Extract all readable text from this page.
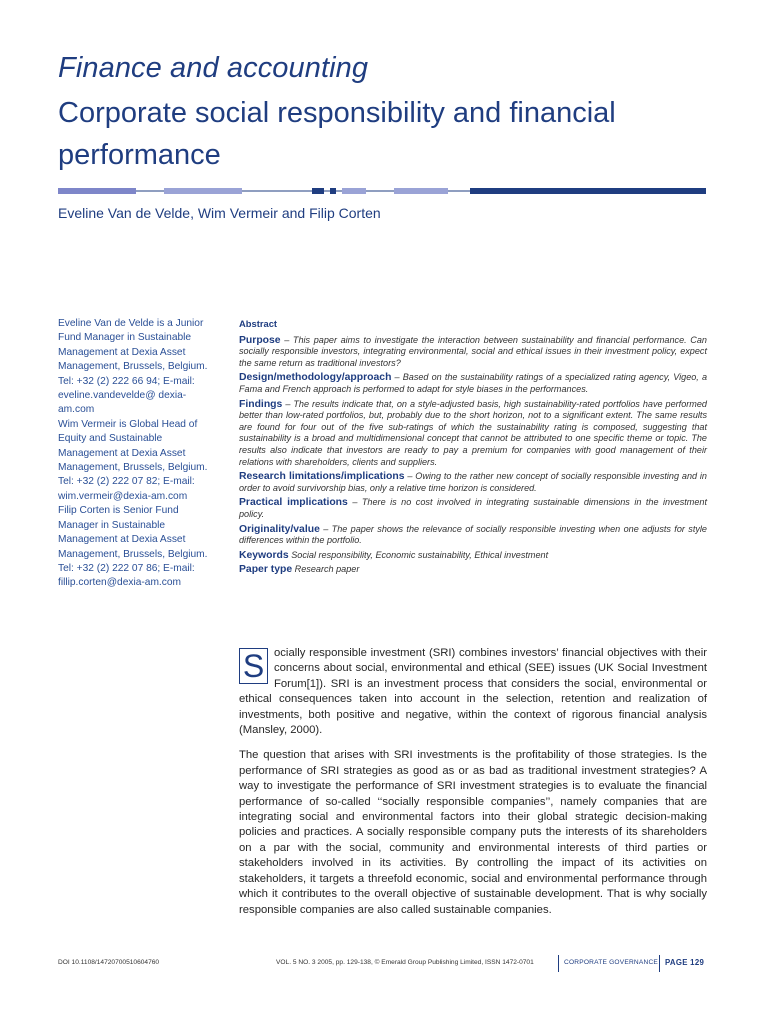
Finance and accounting
Corporate social responsibility and financial performance
Eveline Van de Velde, Wim Vermeir and Filip Corten

Eveline Van de Velde is a Junior Fund Manager in Sustainable Management at Dexia Asset Management, Brussels, Belgium. Tel: +32 (2) 222 66 94; E-mail: eveline.vandevelde@ dexia-am.com

Wim Vermeir is Global Head of Equity and Sustainable Management at Dexia Asset Management, Brussels, Belgium. Tel: +32 (2) 222 07 82; E-mail: wim.vermeir@dexia-am.com

Filip Corten is Senior Fund Manager in Sustainable Management at Dexia Asset Management, Brussels, Belgium. Tel: +32 (2) 222 07 86; E-mail: fillip.corten@dexia-am.com

Abstract

Purpose – This paper aims to investigate the interaction between sustainability and financial performance. Can socially responsible investors, integrating environmental, social and ethical issues in their investment policy, expect the same return as traditional investors?

Design/methodology/approach – Based on the sustainability ratings of a specialized rating agency, Vigeo, a Fama and French approach is performed to adapt for style biases in the performances.

Findings – The results indicate that, on a style-adjusted basis, high sustainability-rated portfolios have performed better than low-rated portfolios, but, probably due to the short horizon, not to a significant extent. The same results are found for four out of the five sub-ratings of which the sustainability rating is composed, suggesting that sustainability is a broad and multidimensional concept that cannot be attributed to one specific theme or topic. The results also indicate that investors are ready to pay a premium for companies with good management of their relations with shareholders, clients and suppliers.

Research limitations/implications – Owing to the rather new concept of socially responsible investing and in order to avoid survivorship bias, only a relative time horizon is considered.

Practical implications – There is no cost involved in integrating sustainable dimensions in the investment policy.

Originality/value – The paper shows the relevance of socially responsible investing when one adjusts for style differences within the portfolio.

Keywords Social responsibility, Economic sustainability, Ethical investment

Paper type Research paper

S ocially responsible investment (SRI) combines investors’ financial objectives with their concerns about social, environmental and ethical (SEE) issues (UK Social Investment Forum[1]). SRI is an investment process that considers the social, environmental or ethical consequences taken into account in the selection, retention and realization of investments, both positive and negative, within the context of rigorous financial analysis (Mansley, 2000).

The question that arises with SRI investments is the profitability of those strategies. Is the performance of SRI strategies as good as or as bad as traditional investment strategies? A way to investigate the performance of SRI investment strategies is to evaluate the financial performance of so-called ‘‘socially responsible companies’’, namely companies that are integrating social and environmental factors into their global strategic decision-making policies and practices. A socially responsible company puts the interests of its shareholders on a par with the social, community and environmental interests of third parties or stakeholders involved in its activities. By controlling the impact of its activities on stakeholders, it targets a threefold economic, social and environmental performance through which it contributes to the overall objective of sustainable development. That is why socially responsible companies are also called sustainable companies.

DOI 10.1108/14720700510604760	VOL. 5 NO. 3 2005, pp. 129-138, © Emerald Group Publishing Limited, ISSN 1472-0701	CORPORATE GOVERNANCE PAGE 129
